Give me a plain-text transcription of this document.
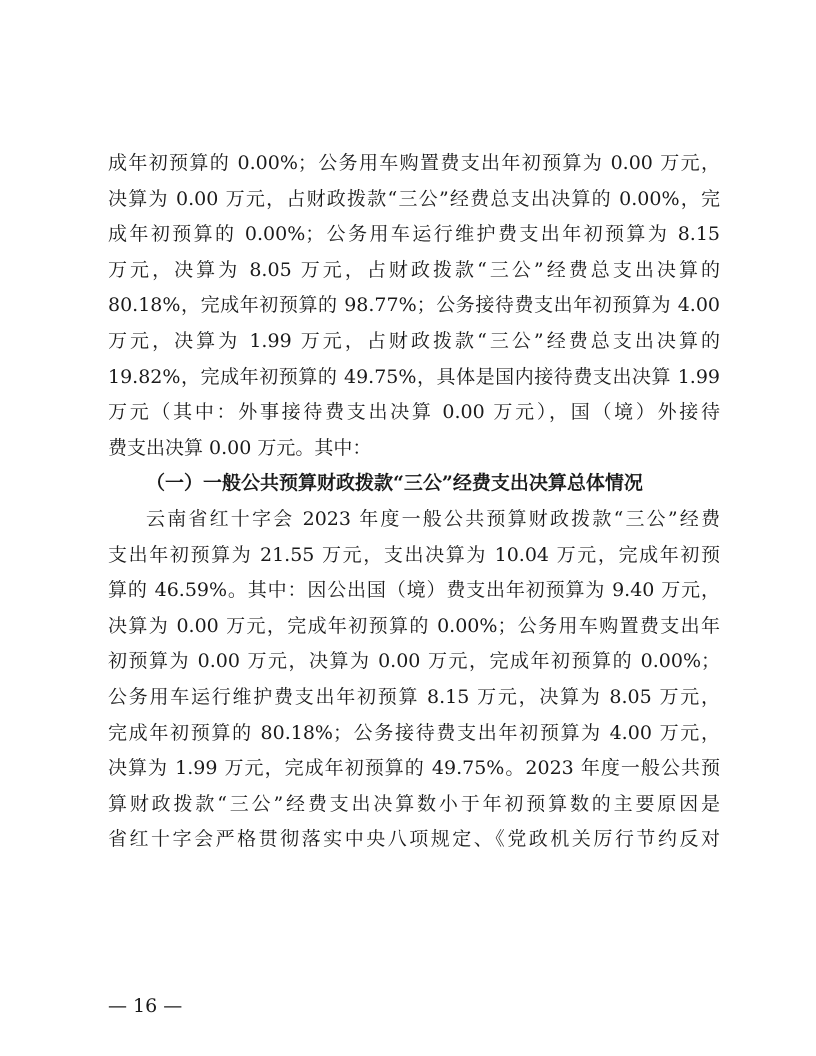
成年初预算的 0.00%；公务用车购置费支出年初预算为 0.00 万元，
决算为 0.00 万元，占财政拨款“三公”经费总支出决算的 0.00%，完
成年初预算的 0.00%；公务用车运行维护费支出年初预算为 8.15
万元，决算为 8.05 万元，占财政拨款“三公”经费总支出决算的
80.18%，完成年初预算的 98.77%；公务接待费支出年初预算为 4.00
万元，决算为 1.99 万元，占财政拨款“三公”经费总支出决算的
19.82%，完成年初预算的 49.75%，具体是国内接待费支出决算 1.99
万元（其中：外事接待费支出决算 0.00 万元），国（境）外接待
费支出决算 0.00 万元。其中：
（一）一般公共预算财政拨款“三公”经费支出决算总体情况
云南省红十字会 2023 年度一般公共预算财政拨款“三公”经费
支出年初预算为 21.55 万元，支出决算为 10.04 万元，完成年初预
算的 46.59%。其中：因公出国（境）费支出年初预算为 9.40 万元，
决算为 0.00 万元，完成年初预算的 0.00%；公务用车购置费支出年
初预算为 0.00 万元，决算为 0.00 万元，完成年初预算的 0.00%；
公务用车运行维护费支出年初预算 8.15 万元，决算为 8.05 万元，
完成年初预算的 80.18%；公务接待费支出年初预算为 4.00 万元，
决算为 1.99 万元，完成年初预算的 49.75%。2023 年度一般公共预
算财政拨款“三公”经费支出决算数小于年初预算数的主要原因是
省红十字会严格贯彻落实中央八项规定、《党政机关厉行节约反对
— 16 —
